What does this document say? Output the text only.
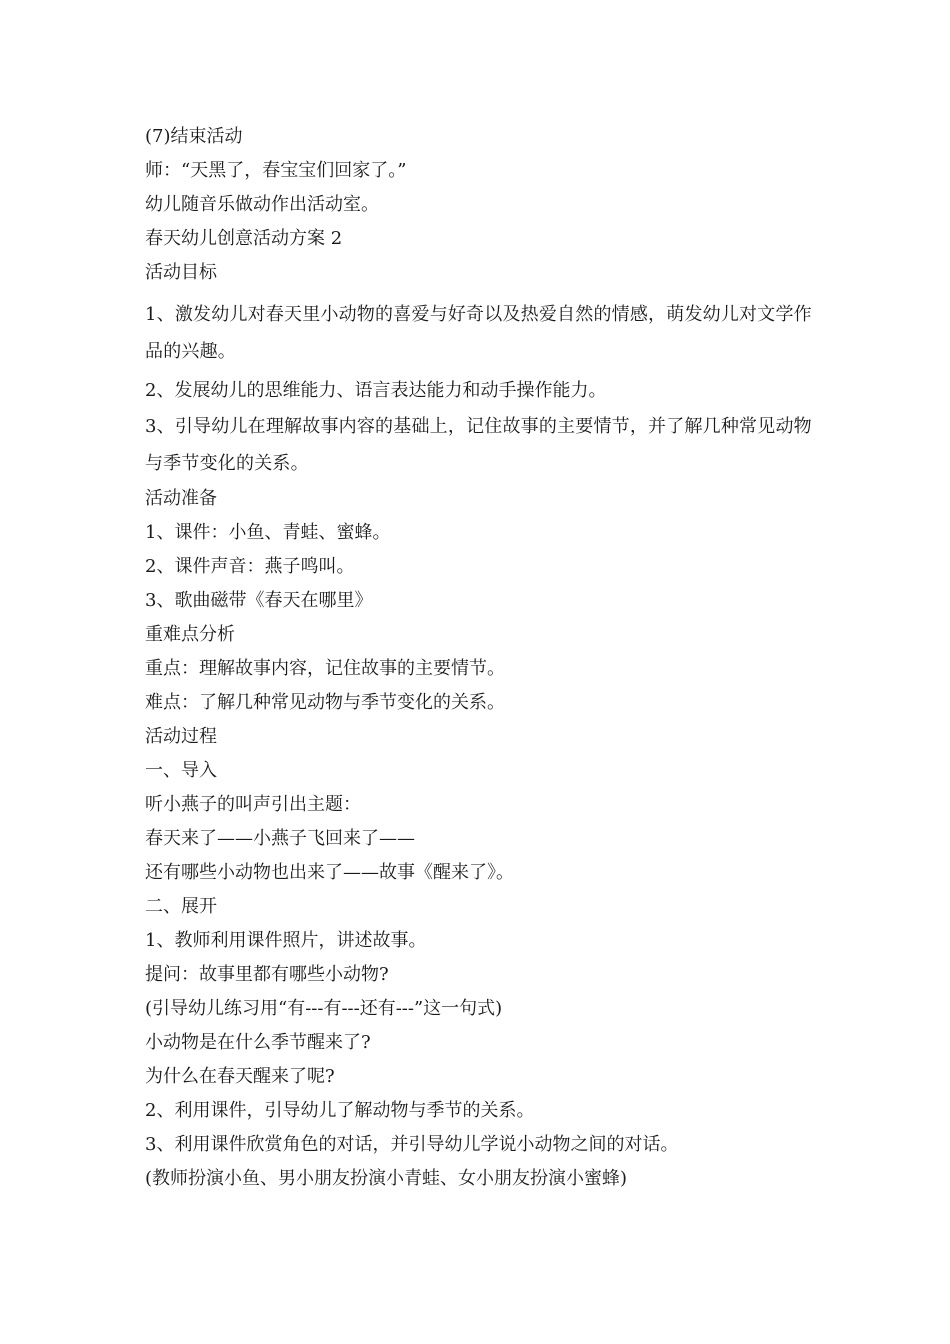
(7)结束活动
师：“天黑了，春宝宝们回家了。”
幼儿随音乐做动作出活动室。
春天幼儿创意活动方案 2
活动目标
1、激发幼儿对春天里小动物的喜爱与好奇以及热爱自然的情感，萌发幼儿对文学作品的兴趣。
2、发展幼儿的思维能力、语言表达能力和动手操作能力。
3、引导幼儿在理解故事内容的基础上，记住故事的主要情节，并了解几种常见动物与季节变化的关系。
活动准备
1、课件：小鱼、青蛙、蜜蜂。
2、课件声音：燕子鸣叫。
3、歌曲磁带《春天在哪里》
重难点分析
重点：理解故事内容，记住故事的主要情节。
难点：了解几种常见动物与季节变化的关系。
活动过程
一、导入
听小燕子的叫声引出主题：
春天来了——小燕子飞回来了——
还有哪些小动物也出来了——故事《醒来了》。
二、展开
1、教师利用课件照片，讲述故事。
提问：故事里都有哪些小动物?
(引导幼儿练习用“有---有---还有---”这一句式)
小动物是在什么季节醒来了?
为什么在春天醒来了呢?
2、利用课件，引导幼儿了解动物与季节的关系。
3、利用课件欣赏角色的对话，并引导幼儿学说小动物之间的对话。
(教师扮演小鱼、男小朋友扮演小青蛙、女小朋友扮演小蜜蜂)
